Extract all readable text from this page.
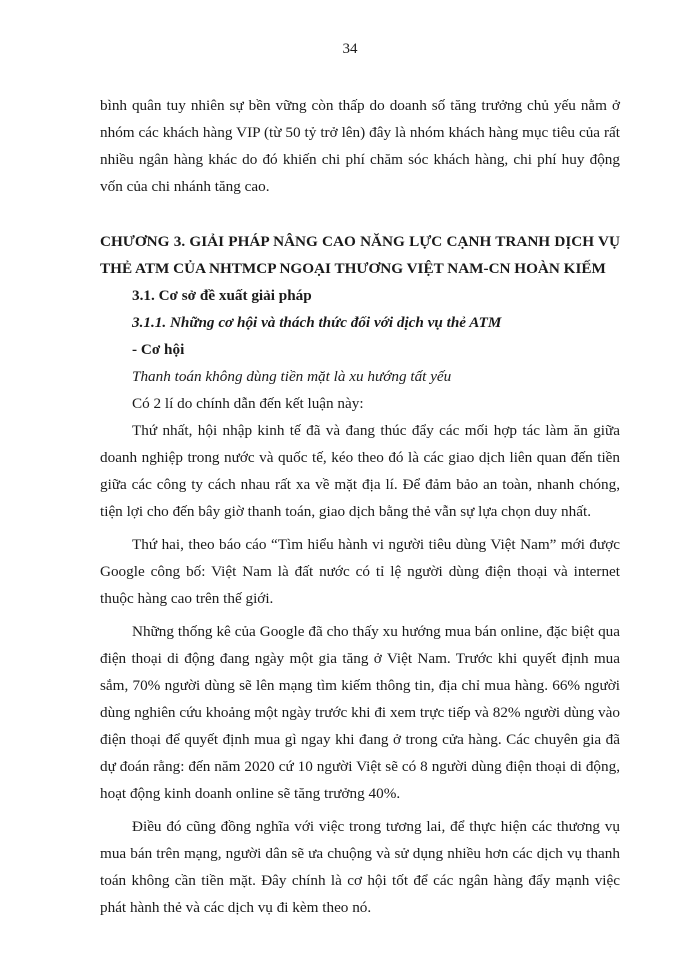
34

bình quân tuy nhiên sự bền vững còn thấp do doanh số tăng trưởng chủ yếu nằm ở nhóm các khách hàng VIP (từ 50 tỷ trở lên) đây là nhóm khách hàng mục tiêu của rất nhiều ngân hàng khác do đó khiến chi phí chăm sóc khách hàng, chi phí huy động vốn của chi nhánh tăng cao.

CHƯƠNG 3. GIẢI PHÁP NÂNG CAO NĂNG LỰC CẠNH TRANH DỊCH VỤ THẺ ATM CỦA NHTMCP NGOẠI THƯƠNG VIỆT NAM-CN HOÀN KIẾM

3.1. Cơ sở đề xuất giải pháp

3.1.1. Những cơ hội và thách thức đối với dịch vụ thẻ ATM

- Cơ hội

Thanh toán không dùng tiền mặt là xu hướng tất yếu

Có 2 lí do chính dẫn đến kết luận này:

Thứ nhất, hội nhập kinh tế đã và đang thúc đẩy các mối hợp tác làm ăn giữa doanh nghiệp trong nước và quốc tế, kéo theo đó là các giao dịch liên quan đến tiền giữa các công ty cách nhau rất xa về mặt địa lí. Để đảm bảo an toàn, nhanh chóng, tiện lợi cho đến bây giờ thanh toán, giao dịch bằng thẻ vẫn sự lựa chọn duy nhất.

Thứ hai, theo báo cáo “Tìm hiểu hành vi người tiêu dùng Việt Nam” mới được Google công bố: Việt Nam là đất nước có tỉ lệ người dùng điện thoại và internet thuộc hàng cao trên thế giới.

Những thống kê của Google đã cho thấy xu hướng mua bán online, đặc biệt qua điện thoại di động đang ngày một gia tăng ở Việt Nam. Trước khi quyết định mua sắm, 70% người dùng sẽ lên mạng tìm kiếm thông tin, địa chỉ mua hàng. 66% người dùng nghiên cứu khoảng một ngày trước khi đi xem trực tiếp và 82% người dùng vào điện thoại để quyết định mua gì ngay khi đang ở trong cửa hàng. Các chuyên gia đã dự đoán rằng: đến năm 2020 cứ 10 người Việt sẽ có 8 người dùng điện thoại di động, hoạt động kinh doanh online sẽ tăng trưởng 40%.

Điều đó cũng đồng nghĩa với việc trong tương lai, để thực hiện các thương vụ mua bán trên mạng, người dân sẽ ưa chuộng và sử dụng nhiều hơn các dịch vụ thanh toán không cần tiền mặt. Đây chính là cơ hội tốt để các ngân hàng đẩy mạnh việc phát hành thẻ và các dịch vụ đi kèm theo nó.
